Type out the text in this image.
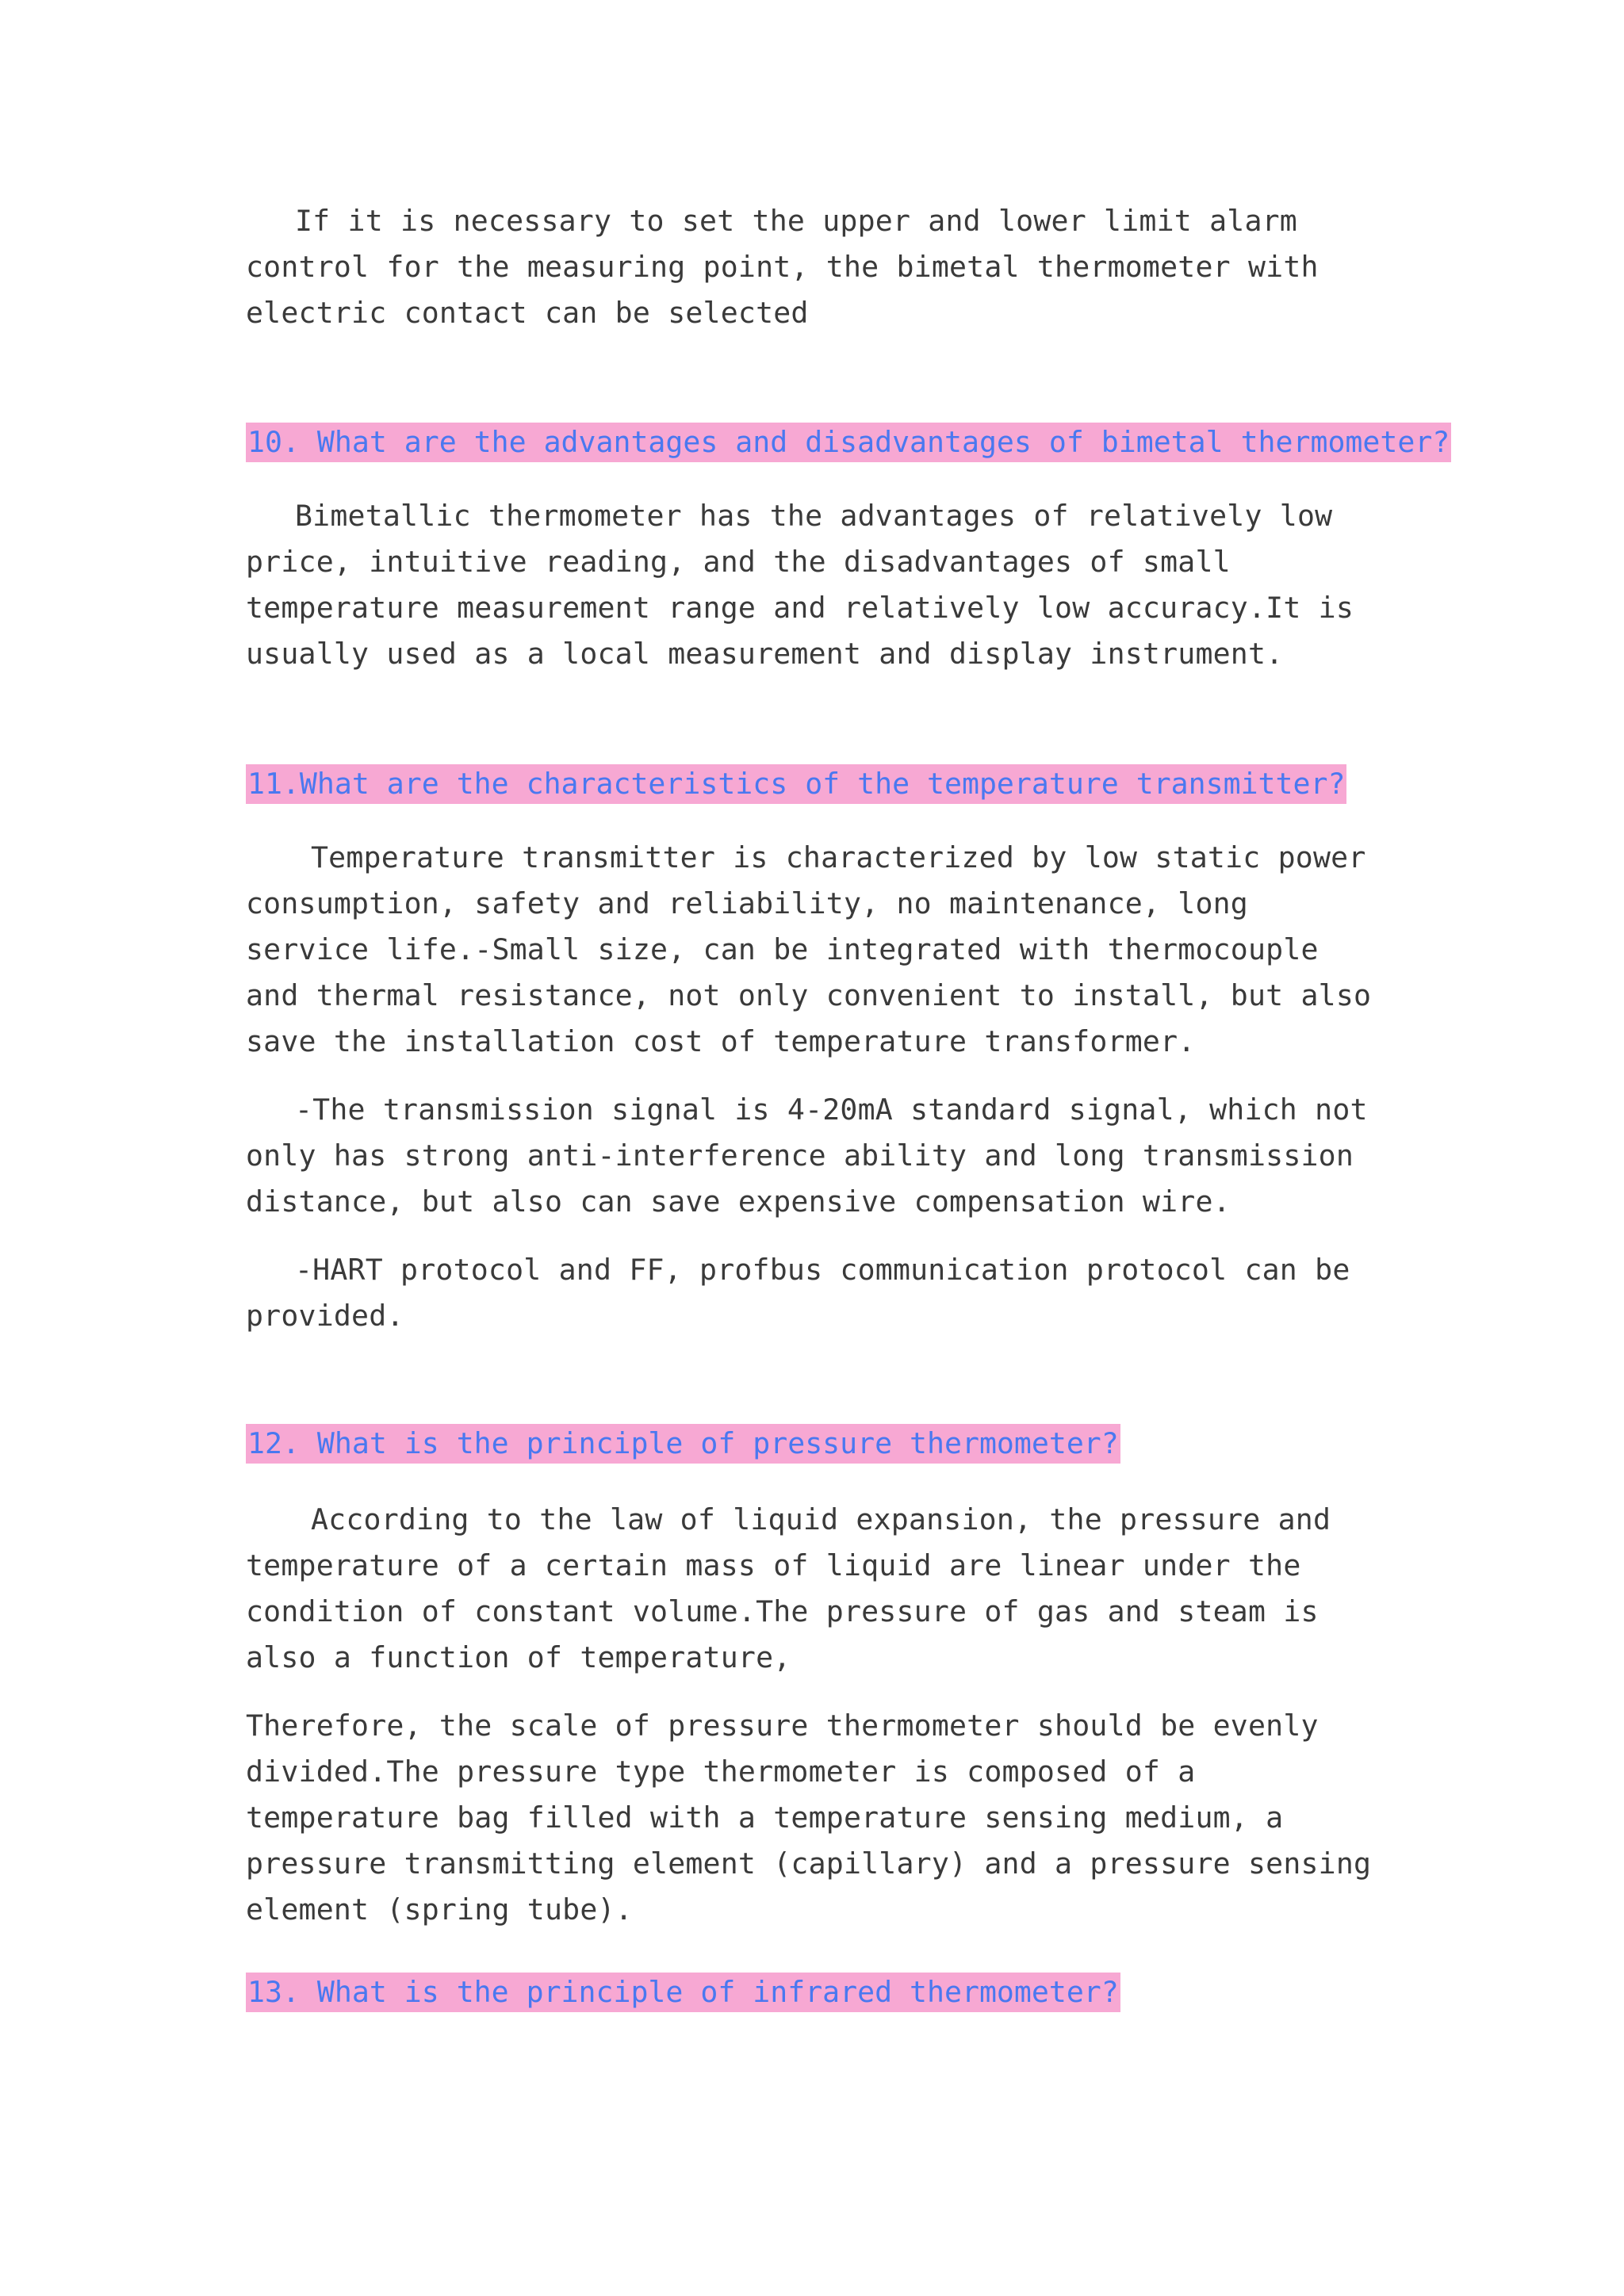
If it is necessary to set the upper and lower limit alarm control for the measuring point, the bimetal thermometer with electric contact can be selected

10. What are the advantages and disadvantages of bimetal thermometer?

Bimetallic thermometer has the advantages of relatively low price, intuitive reading, and the disadvantages of small temperature measurement range and relatively low accuracy.It is usually used as a local measurement and display instrument.

11.What are the characteristics of the temperature transmitter?

Temperature transmitter is characterized by low static power consumption, safety and reliability, no maintenance, long service life.-Small size, can be integrated with thermocouple and thermal resistance, not only convenient to install, but also save the installation cost of temperature transformer.

-The transmission signal is 4-20mA standard signal, which not only has strong anti-interference ability and long transmission distance, but also can save expensive compensation wire.

-HART protocol and FF, profbus communication protocol can be provided.

12. What is the principle of pressure thermometer?

According to the law of liquid expansion, the pressure and temperature of a certain mass of liquid are linear under the condition of constant volume.The pressure of gas and steam is also a function of temperature,

Therefore, the scale of pressure thermometer should be evenly divided.The pressure type thermometer is composed of a temperature bag filled with a temperature sensing medium, a pressure transmitting element (capillary) and a pressure sensing element (spring tube).

13. What is the principle of infrared thermometer?
